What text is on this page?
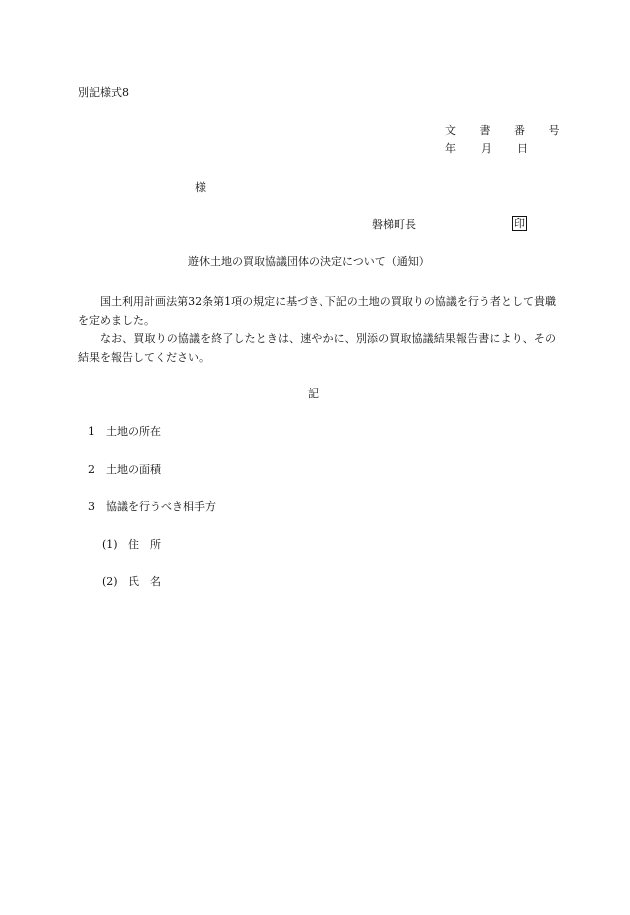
別記様式8
文 書 番 号
年 月 日
様
磐梯町長	印
遊休土地の買取協議団体の決定について（通知）
国土利用計画法第32条第1項の規定に基づき､下記の土地の買取りの協議を行う者として貴職を定めました。
なお、買取りの協議を終了したときは、速やかに、別添の買取協議結果報告書により、その結果を報告してください。
記
1 土地の所在
2 土地の面積
3 協議を行うべき相手方
(1) 住　所
(2) 氏　名
